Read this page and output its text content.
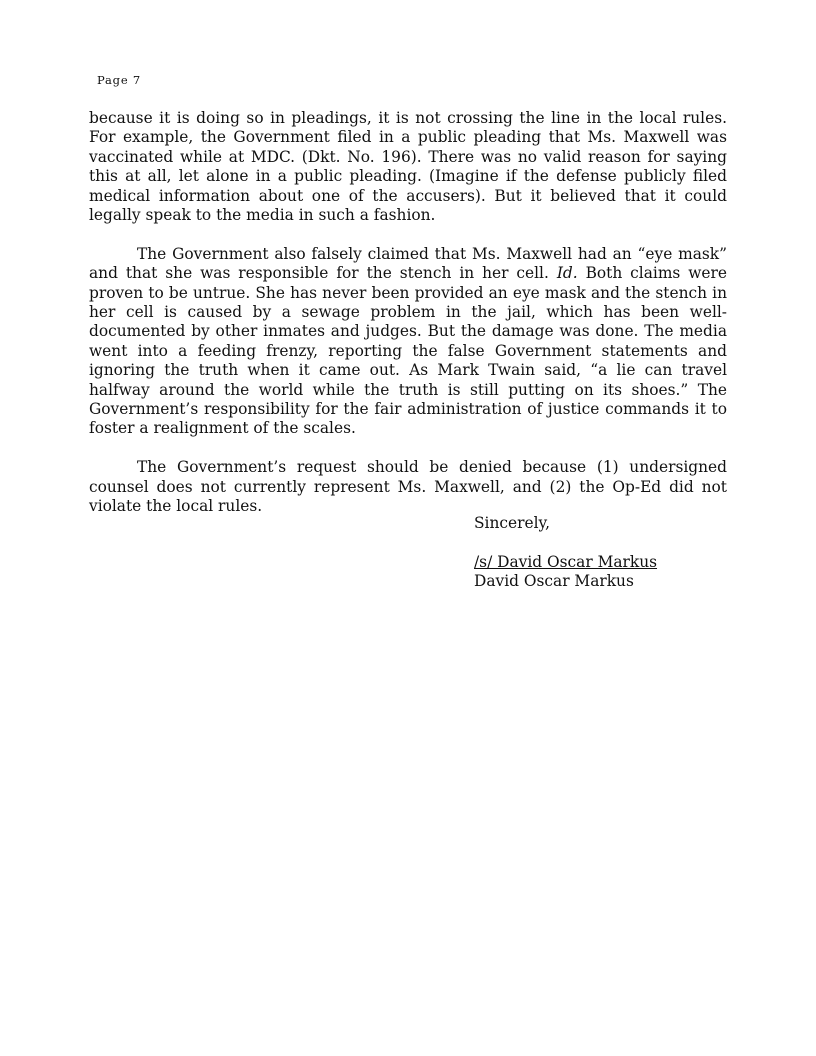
Page 7

because it is doing so in pleadings, it is not crossing the line in the local rules. For example, the Government filed in a public pleading that Ms. Maxwell was vaccinated while at MDC. (Dkt. No. 196). There was no valid reason for saying this at all, let alone in a public pleading. (Imagine if the defense publicly filed medical information about one of the accusers). But it believed that it could legally speak to the media in such a fashion.

The Government also falsely claimed that Ms. Maxwell had an “eye mask” and that she was responsible for the stench in her cell. Id. Both claims were proven to be untrue. She has never been provided an eye mask and the stench in her cell is caused by a sewage problem in the jail, which has been well-documented by other inmates and judges. But the damage was done. The media went into a feeding frenzy, reporting the false Government statements and ignoring the truth when it came out. As Mark Twain said, “a lie can travel halfway around the world while the truth is still putting on its shoes.” The Government’s responsibility for the fair administration of justice commands it to foster a realignment of the scales.

The Government’s request should be denied because (1) undersigned counsel does not currently represent Ms. Maxwell, and (2) the Op-Ed did not violate the local rules.

Sincerely,
/s/ David Oscar Markus
David Oscar Markus
